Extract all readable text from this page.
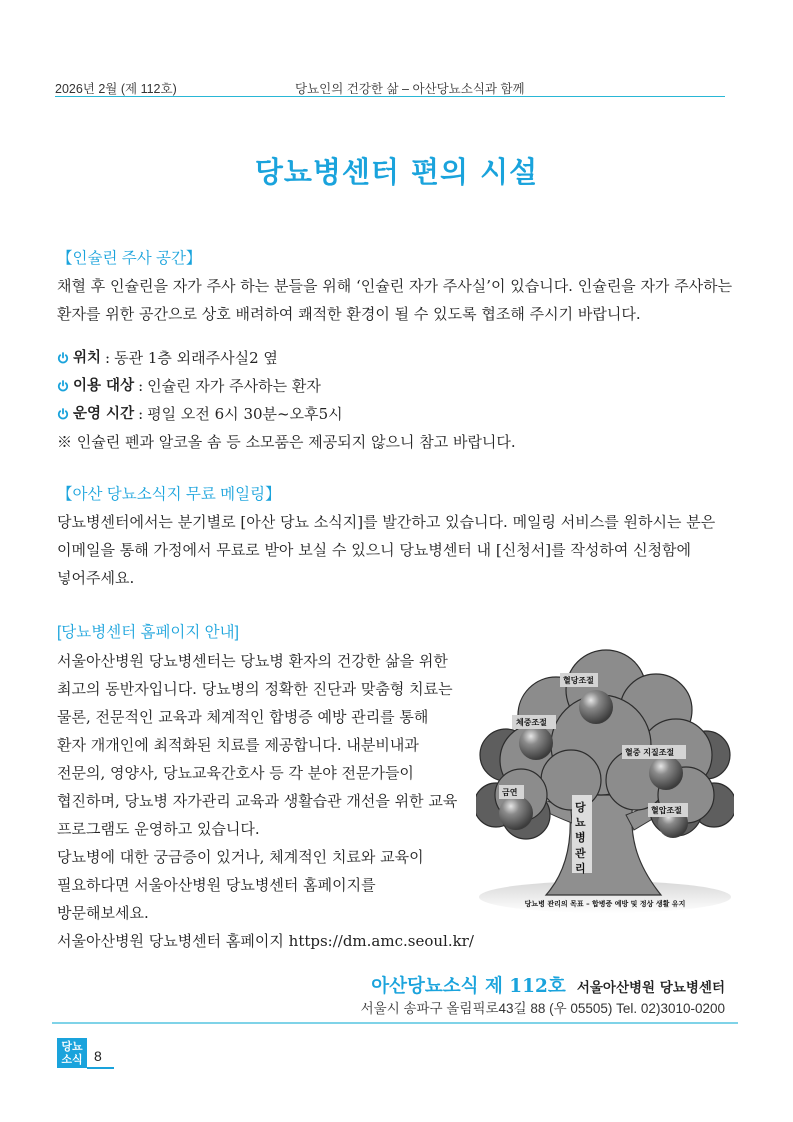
2026년 2월 (제 112호)	당뇨인의 건강한 삶 – 아산당뇨소식과 함께
당뇨병센터 편의 시설
【인슐린 주사 공간】
채혈 후 인슐린을 자가 주사 하는 분들을 위해 ‘인슐린 자가 주사실’이 있습니다. 인슐린을 자가 주사하는
환자를 위한 공간으로 상호 배려하여 쾌적한 환경이 될 수 있도록 협조해 주시기 바랍니다.
위치 : 동관 1층 외래주사실2 옆
이용 대상 : 인슐린 자가 주사하는 환자
운영 시간 : 평일 오전 6시 30분~오후5시
※ 인슐린 펜과 알코올 솜 등 소모품은 제공되지 않으니 참고 바랍니다.
【아산 당뇨소식지 무료 메일링】
당뇨병센터에서는 분기별로 [아산 당뇨 소식지]를 발간하고 있습니다. 메일링 서비스를 원하시는 분은
이메일을 통해 가정에서 무료로 받아 보실 수 있으니 당뇨병센터 내 [신청서]를 작성하여 신청함에
넣어주세요.
[당뇨병센터 홈페이지 안내]
서울아산병원 당뇨병센터는 당뇨병 환자의 건강한 삶을 위한
최고의 동반자입니다. 당뇨병의 정확한 진단과 맞춤형 치료는
물론, 전문적인 교육과 체계적인 합병증 예방 관리를 통해
환자 개개인에 최적화된 치료를 제공합니다. 내분비내과
전문의, 영양사, 당뇨교육간호사 등 각 분야 전문가들이
협진하며, 당뇨병 자가관리 교육과 생활습관 개선을 위한 교육
프로그램도 운영하고 있습니다.
당뇨병에 대한 궁금증이 있거나, 체계적인 치료와 교육이
필요하다면 서울아산병원 당뇨병센터 홈페이지를
방문해보세요.
서울아산병원 당뇨병센터 홈페이지 https://dm.amc.seoul.kr/
혈당조절
체중조절
혈중 지질조절
금연
혈압조절
당
뇨
병
관
리
당뇨병 관리의 목표 – 합병증 예방 및 정상 생활 유지
아산당뇨소식 제 112호 서울아산병원 당뇨병센터
서울시 송파구 올림픽로43길 88 (우 05505) Tel. 02)3010-0200
당뇨
소식 8
